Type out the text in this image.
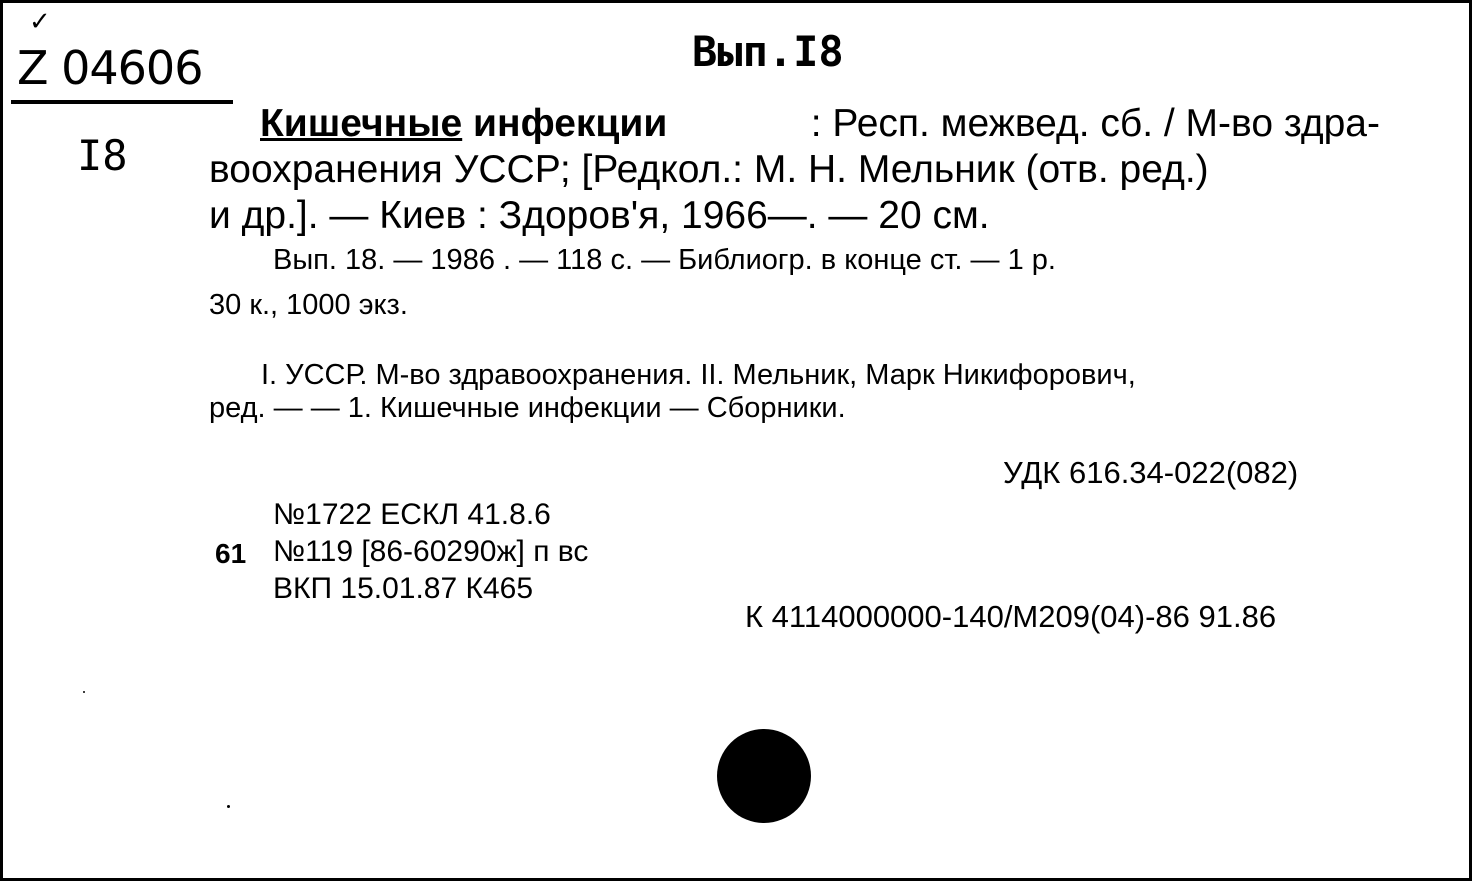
✓
Z 04606
I8
Вып.I8
Кишечные инфекции	: Респ. межвед. сб. / М-во здра-
воохранения УССР; [Редкол.: М. Н. Мельник (отв. ред.)
и др.]. — Киев : Здоров'я, 1966—. — 20 см.
Вып. 18. — 1986 . — 118 с. — Библиогр. в конце ст. — 1 р.
30 к., 1000 экз.
I. УССР. М-во здравоохранения. II. Мельник, Марк Никифорович,
ред. — — 1. Кишечные инфекции — Сборники.
УДК 616.34-022(082)
№1722 ЕСКЛ 41.8.6
61 №119 [86-60290ж] п вс
ВКП 15.01.87 К465
К 4114000000-140/М209(04)-86 91.86
